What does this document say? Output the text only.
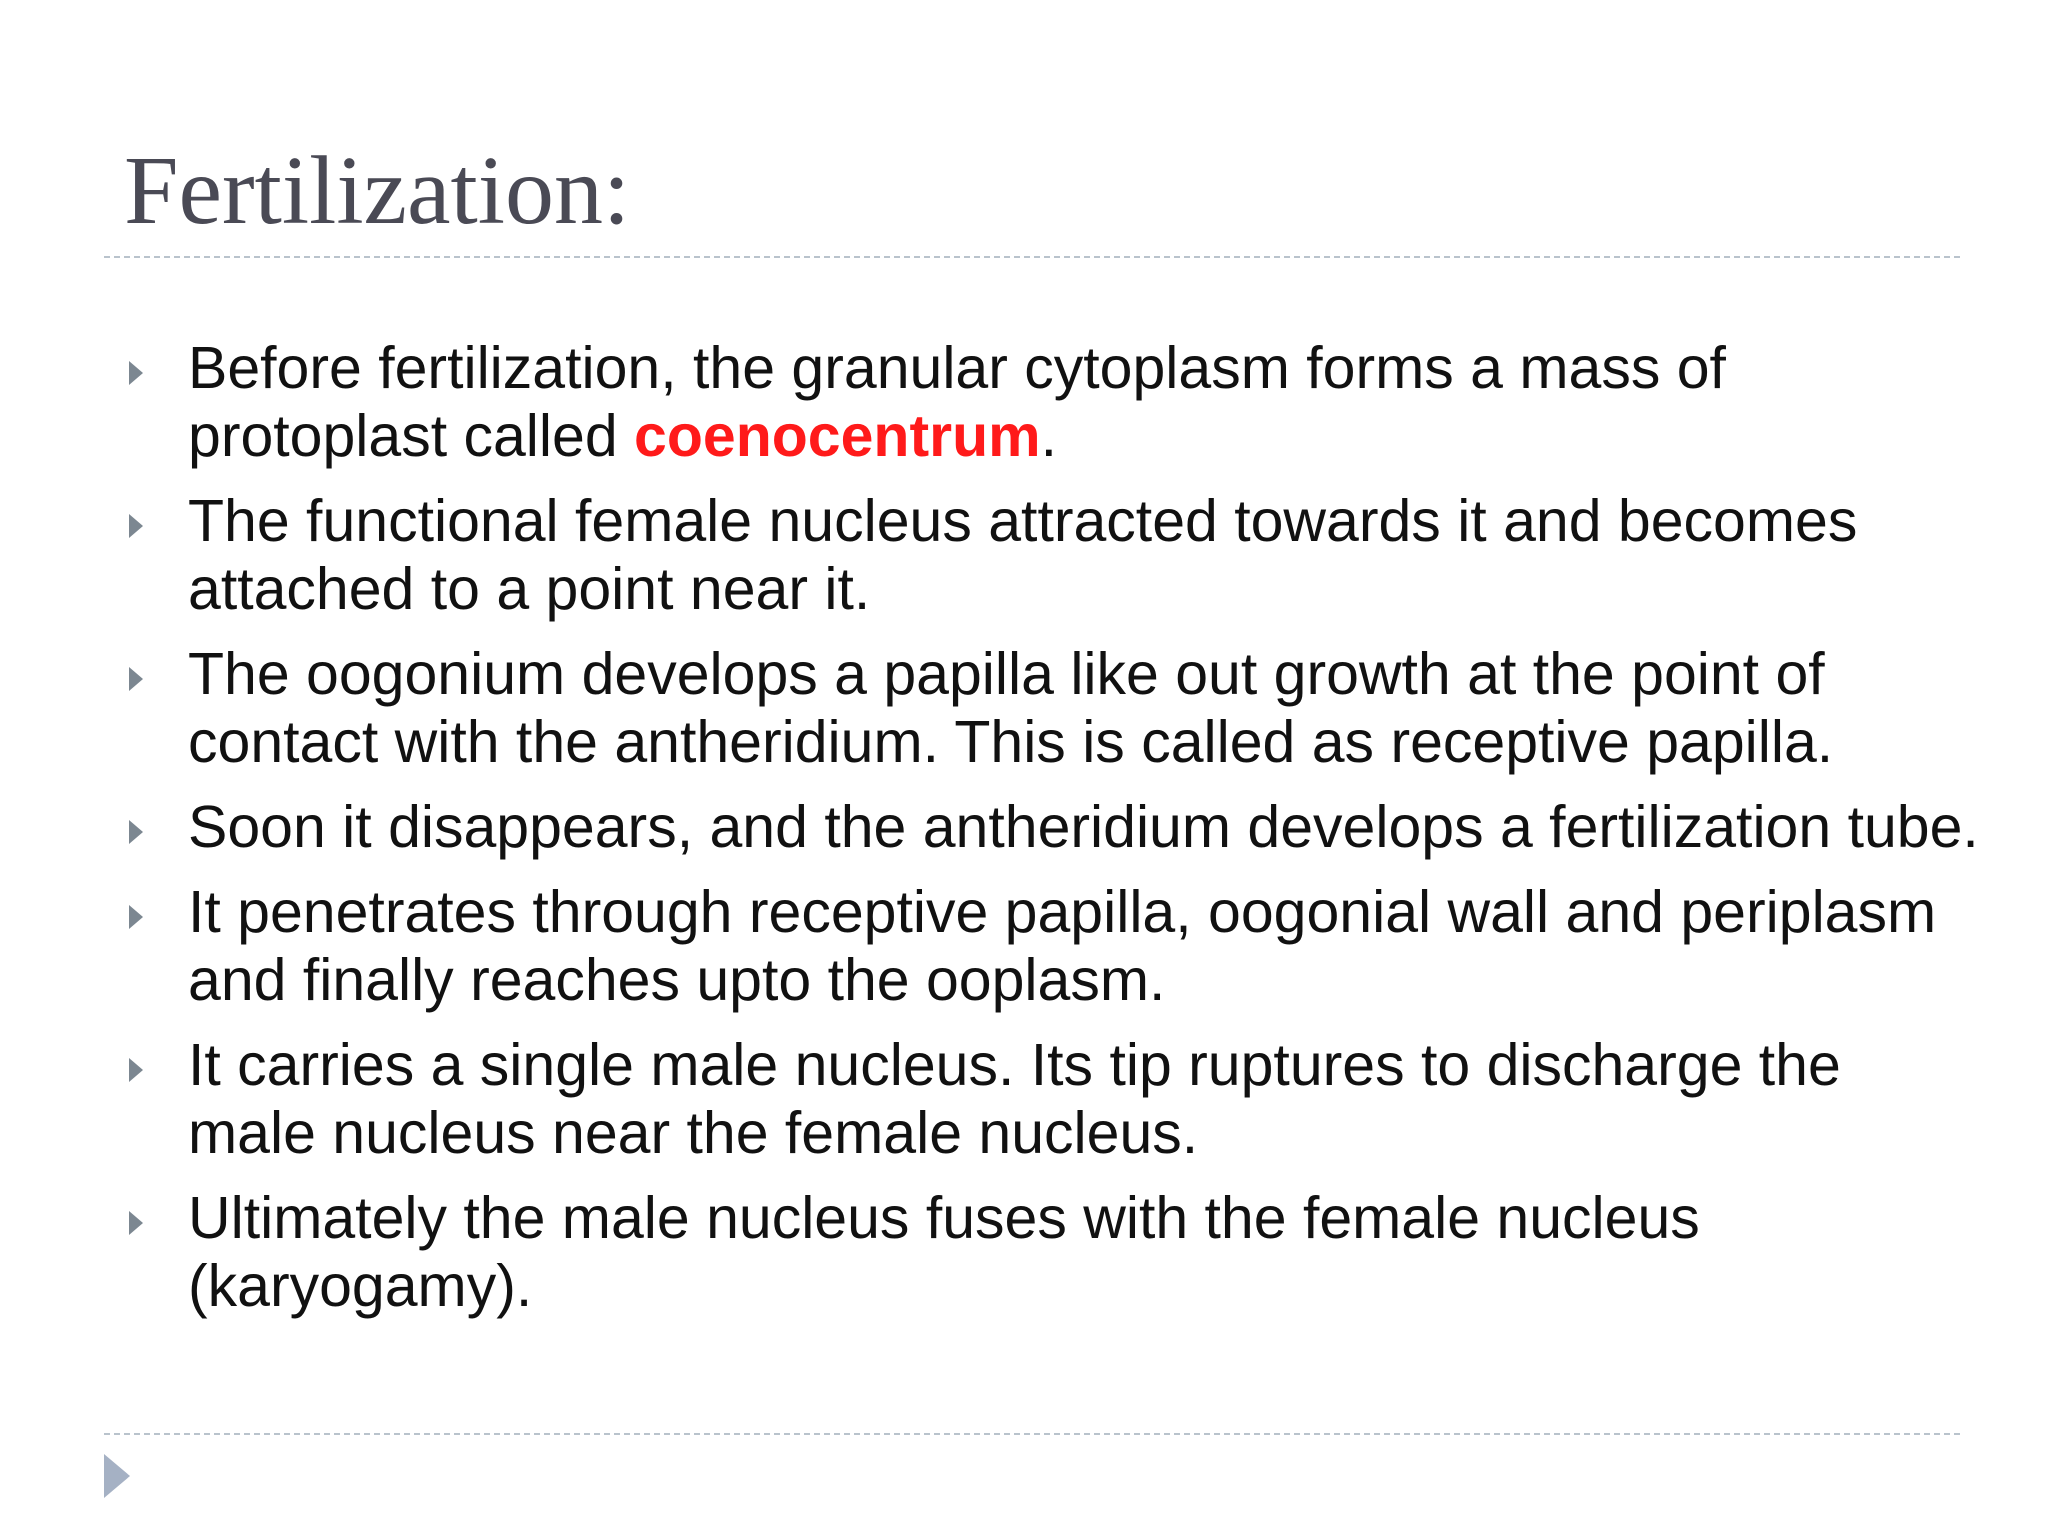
Fertilization:
Before fertilization, the granular cytoplasm forms a mass of protoplast called coenocentrum.
The functional female nucleus attracted towards it and becomes attached to a point near it.
The oogonium develops a papilla like out growth at the point of contact with the antheridium. This is called as receptive papilla.
Soon it disappears, and the antheridium develops a fertilization tube.
It penetrates through receptive papilla, oogonial wall and periplasm and finally reaches upto the ooplasm.
It carries a single male nucleus. Its tip ruptures to discharge the male nucleus near the female nucleus.
Ultimately the male nucleus fuses with the female nucleus (karyogamy).
